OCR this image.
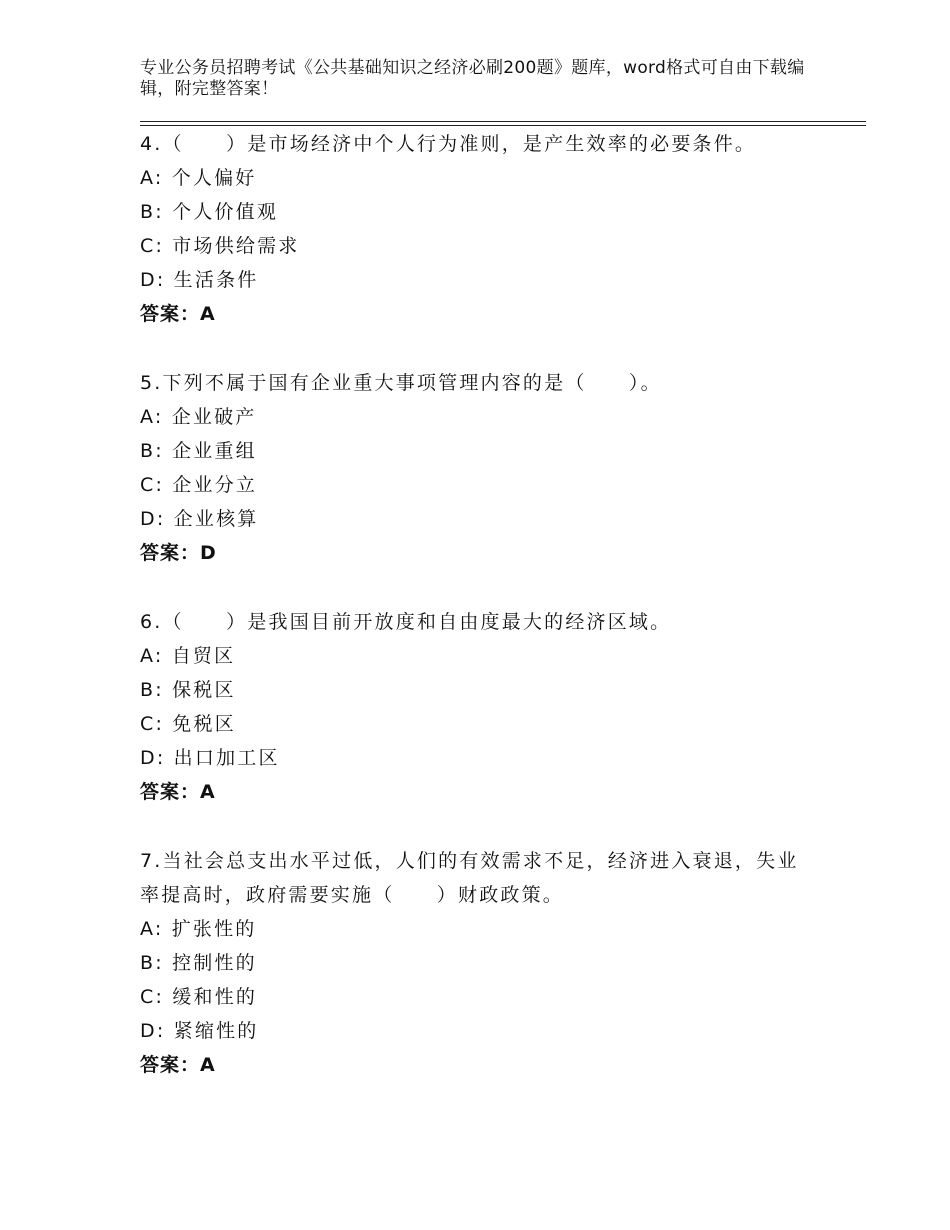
专业公务员招聘考试《公共基础知识之经济必刷200题》题库，word格式可自由下载编辑，附完整答案！
4.（　　）是市场经济中个人行为准则，是产生效率的必要条件。
A: 个人偏好
B: 个人价值观
C: 市场供给需求
D: 生活条件
答案：A
5.下列不属于国有企业重大事项管理内容的是（　　）。
A: 企业破产
B: 企业重组
C: 企业分立
D: 企业核算
答案：D
6.（　　）是我国目前开放度和自由度最大的经济区域。
A: 自贸区
B: 保税区
C: 免税区
D: 出口加工区
答案：A
7.当社会总支出水平过低，人们的有效需求不足，经济进入衰退，失业率提高时，政府需要实施（　　）财政政策。
A: 扩张性的
B: 控制性的
C: 缓和性的
D: 紧缩性的
答案：A
